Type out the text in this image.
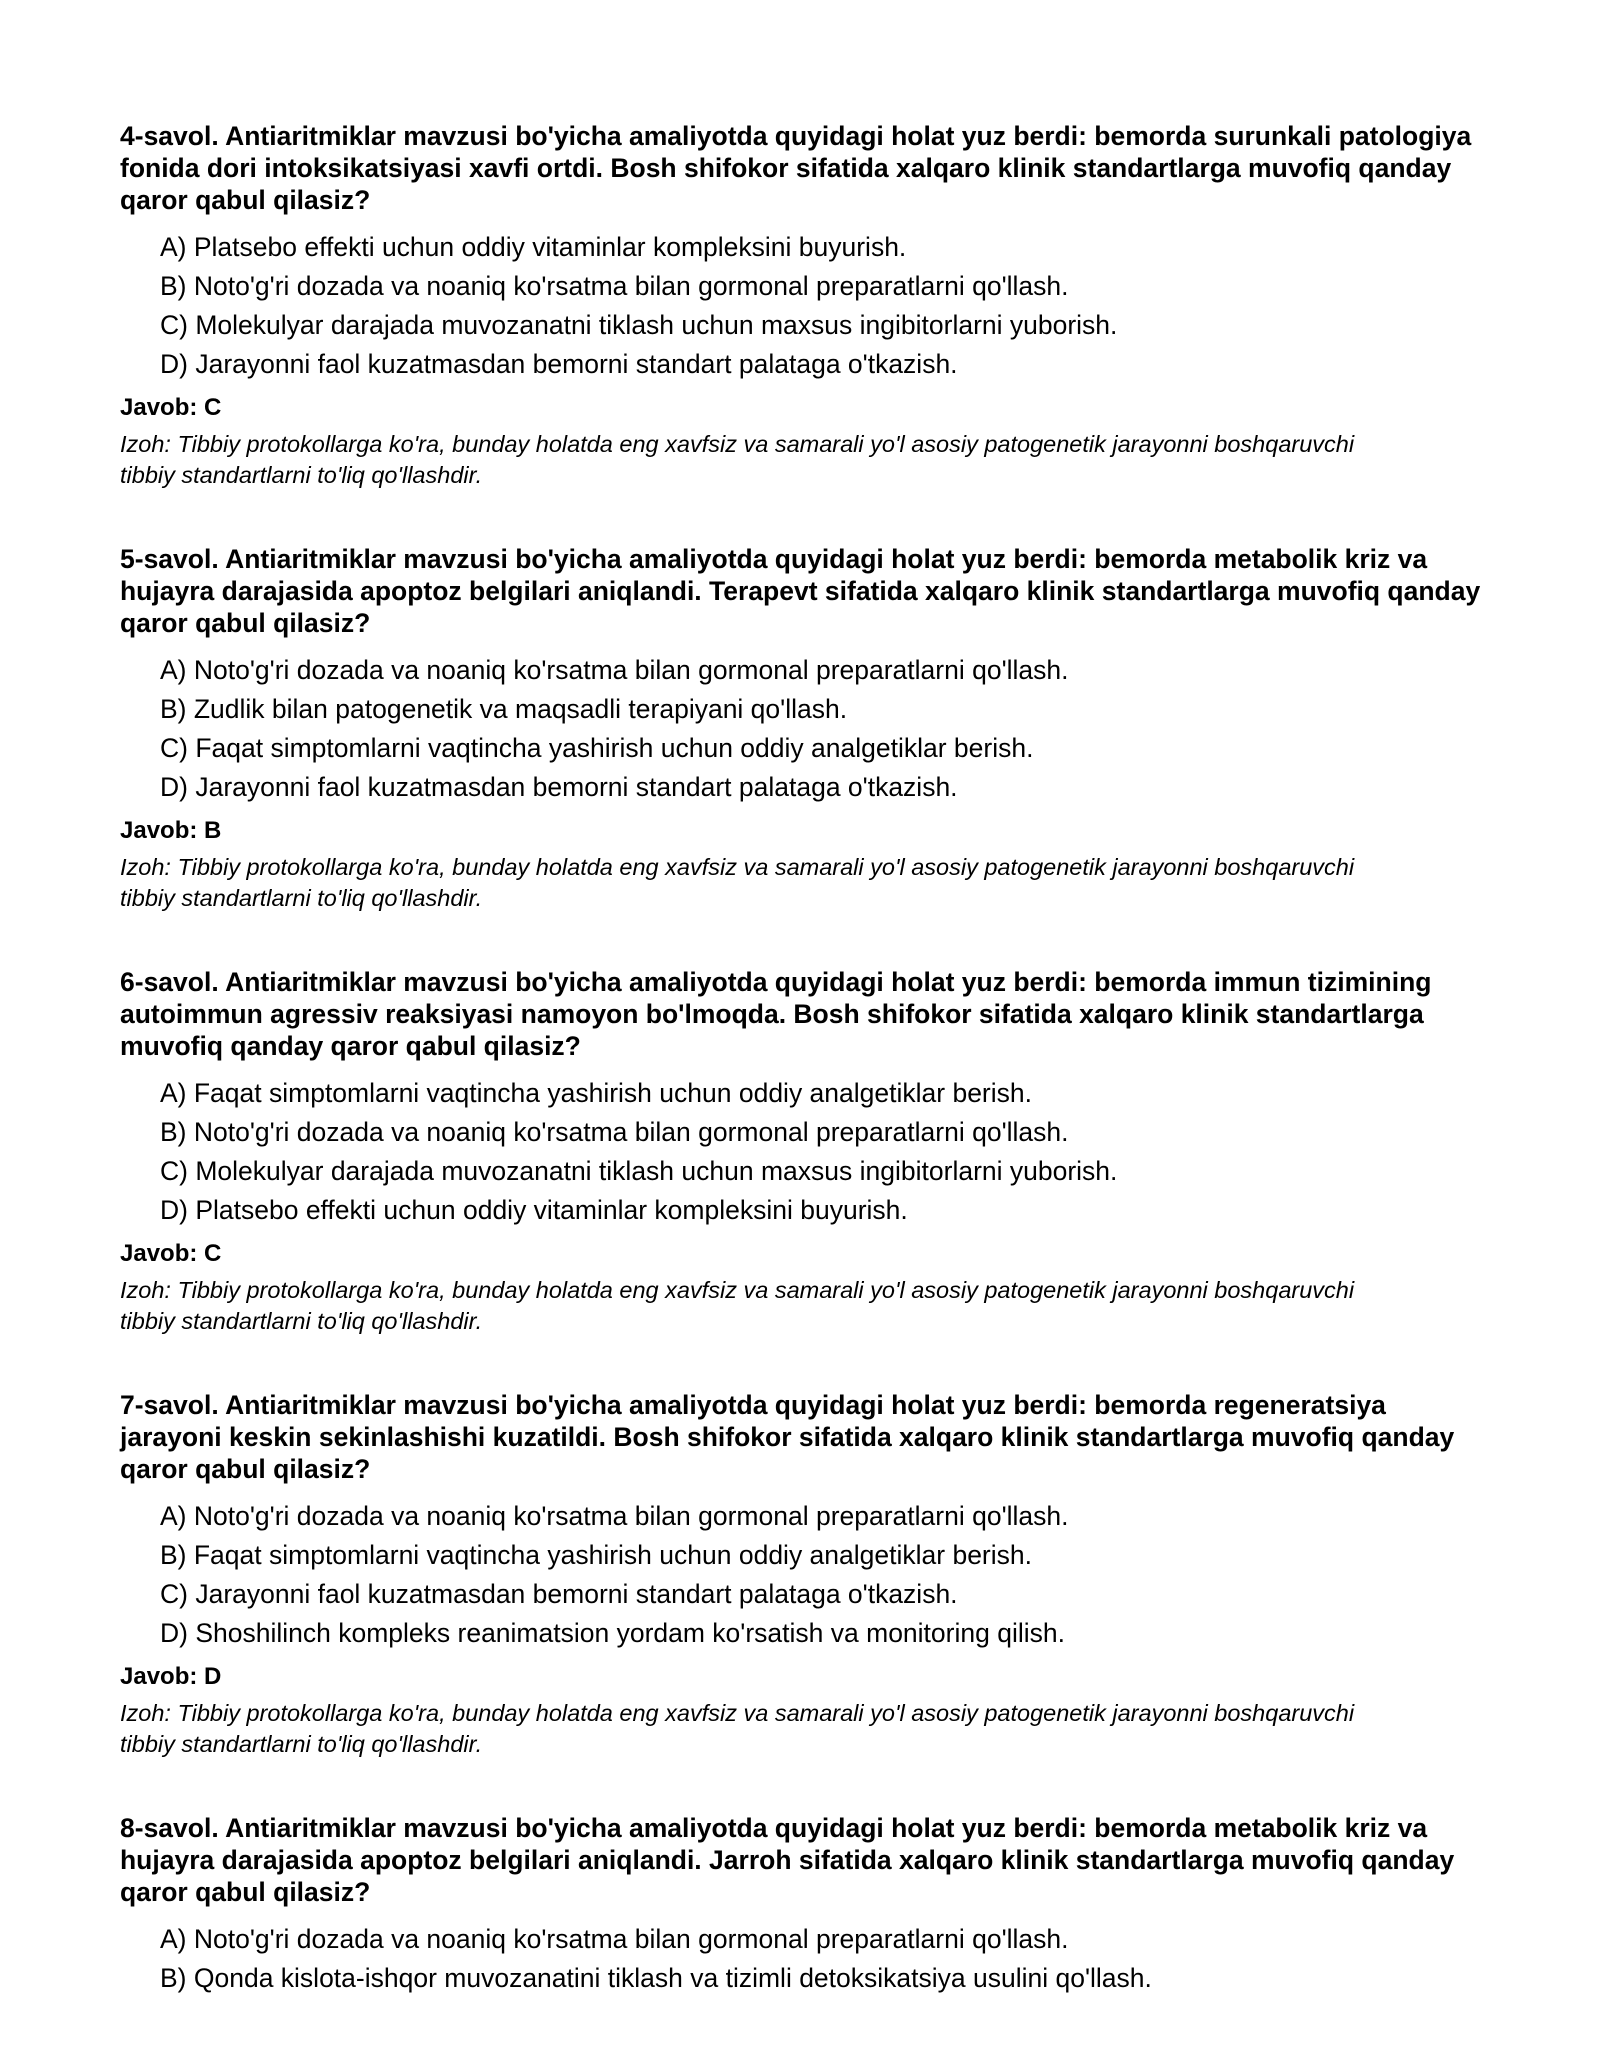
4-savol. Antiaritmiklar mavzusi bo'yicha amaliyotda quyidagi holat yuz berdi: bemorda surunkali patologiya fonida dori intoksikatsiyasi xavfi ortdi. Bosh shifokor sifatida xalqaro klinik standartlarga muvofiq qanday qaror qabul qilasiz?
A) Platsebo effekti uchun oddiy vitaminlar kompleksini buyurish.
B) Noto'g'ri dozada va noaniq ko'rsatma bilan gormonal preparatlarni qo'llash.
C) Molekulyar darajada muvozanatni tiklash uchun maxsus ingibitorlarni yuborish.
D) Jarayonni faol kuzatmasdan bemorni standart palataga o'tkazish.
Javob: C
Izoh: Tibbiy protokollarga ko'ra, bunday holatda eng xavfsiz va samarali yo'l asosiy patogenetik jarayonni boshqaruvchi tibbiy standartlarni to'liq qo'llashdir.
5-savol. Antiaritmiklar mavzusi bo'yicha amaliyotda quyidagi holat yuz berdi: bemorda metabolik kriz va hujayra darajasida apoptoz belgilari aniqlandi. Terapevt sifatida xalqaro klinik standartlarga muvofiq qanday qaror qabul qilasiz?
A) Noto'g'ri dozada va noaniq ko'rsatma bilan gormonal preparatlarni qo'llash.
B) Zudlik bilan patogenetik va maqsadli terapiyani qo'llash.
C) Faqat simptomlarni vaqtincha yashirish uchun oddiy analgetiklar berish.
D) Jarayonni faol kuzatmasdan bemorni standart palataga o'tkazish.
Javob: B
Izoh: Tibbiy protokollarga ko'ra, bunday holatda eng xavfsiz va samarali yo'l asosiy patogenetik jarayonni boshqaruvchi tibbiy standartlarni to'liq qo'llashdir.
6-savol. Antiaritmiklar mavzusi bo'yicha amaliyotda quyidagi holat yuz berdi: bemorda immun tizimining autoimmun agressiv reaksiyasi namoyon bo'lmoqda. Bosh shifokor sifatida xalqaro klinik standartlarga muvofiq qanday qaror qabul qilasiz?
A) Faqat simptomlarni vaqtincha yashirish uchun oddiy analgetiklar berish.
B) Noto'g'ri dozada va noaniq ko'rsatma bilan gormonal preparatlarni qo'llash.
C) Molekulyar darajada muvozanatni tiklash uchun maxsus ingibitorlarni yuborish.
D) Platsebo effekti uchun oddiy vitaminlar kompleksini buyurish.
Javob: C
Izoh: Tibbiy protokollarga ko'ra, bunday holatda eng xavfsiz va samarali yo'l asosiy patogenetik jarayonni boshqaruvchi tibbiy standartlarni to'liq qo'llashdir.
7-savol. Antiaritmiklar mavzusi bo'yicha amaliyotda quyidagi holat yuz berdi: bemorda regeneratsiya jarayoni keskin sekinlashishi kuzatildi. Bosh shifokor sifatida xalqaro klinik standartlarga muvofiq qanday qaror qabul qilasiz?
A) Noto'g'ri dozada va noaniq ko'rsatma bilan gormonal preparatlarni qo'llash.
B) Faqat simptomlarni vaqtincha yashirish uchun oddiy analgetiklar berish.
C) Jarayonni faol kuzatmasdan bemorni standart palataga o'tkazish.
D) Shoshilinch kompleks reanimatsion yordam ko'rsatish va monitoring qilish.
Javob: D
Izoh: Tibbiy protokollarga ko'ra, bunday holatda eng xavfsiz va samarali yo'l asosiy patogenetik jarayonni boshqaruvchi tibbiy standartlarni to'liq qo'llashdir.
8-savol. Antiaritmiklar mavzusi bo'yicha amaliyotda quyidagi holat yuz berdi: bemorda metabolik kriz va hujayra darajasida apoptoz belgilari aniqlandi. Jarroh sifatida xalqaro klinik standartlarga muvofiq qanday qaror qabul qilasiz?
A) Noto'g'ri dozada va noaniq ko'rsatma bilan gormonal preparatlarni qo'llash.
B) Qonda kislota-ishqor muvozanatini tiklash va tizimli detoksikatsiya usulini qo'llash.
